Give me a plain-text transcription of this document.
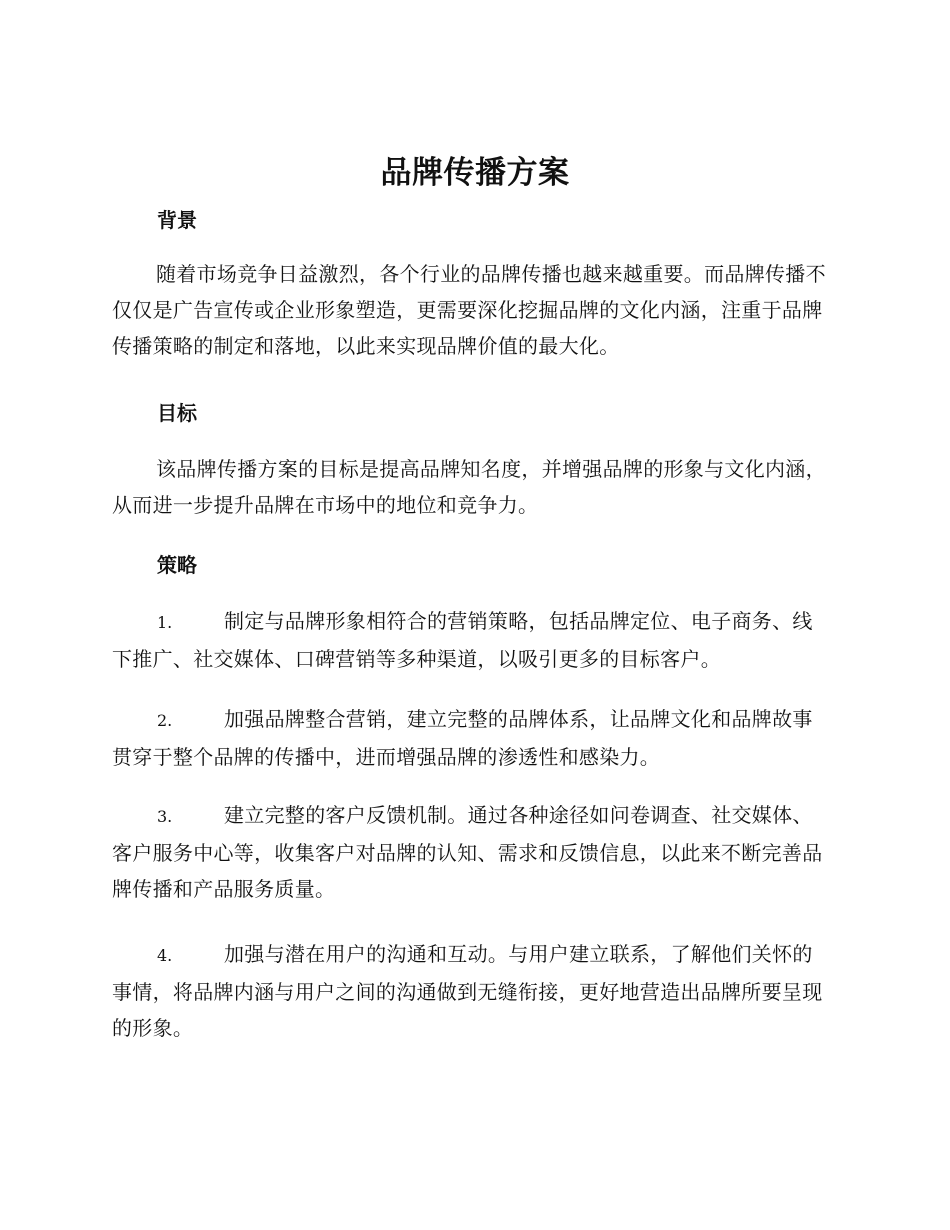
品牌传播方案
背景
随着市场竞争日益激烈，各个行业的品牌传播也越来越重要。而品牌传播不仅仅是广告宣传或企业形象塑造，更需要深化挖掘品牌的文化内涵，注重于品牌传播策略的制定和落地，以此来实现品牌价值的最大化。
目标
该品牌传播方案的目标是提高品牌知名度，并增强品牌的形象与文化内涵，从而进一步提升品牌在市场中的地位和竞争力。
策略
1.	制定与品牌形象相符合的营销策略，包括品牌定位、电子商务、线下推广、社交媒体、口碑营销等多种渠道，以吸引更多的目标客户。
2.	加强品牌整合营销，建立完整的品牌体系，让品牌文化和品牌故事贯穿于整个品牌的传播中，进而增强品牌的渗透性和感染力。
3.	建立完整的客户反馈机制。通过各种途径如问卷调查、社交媒体、客户服务中心等，收集客户对品牌的认知、需求和反馈信息，以此来不断完善品牌传播和产品服务质量。
4.	加强与潜在用户的沟通和互动。与用户建立联系，了解他们关怀的事情，将品牌内涵与用户之间的沟通做到无缝衔接，更好地营造出品牌所要呈现的形象。
